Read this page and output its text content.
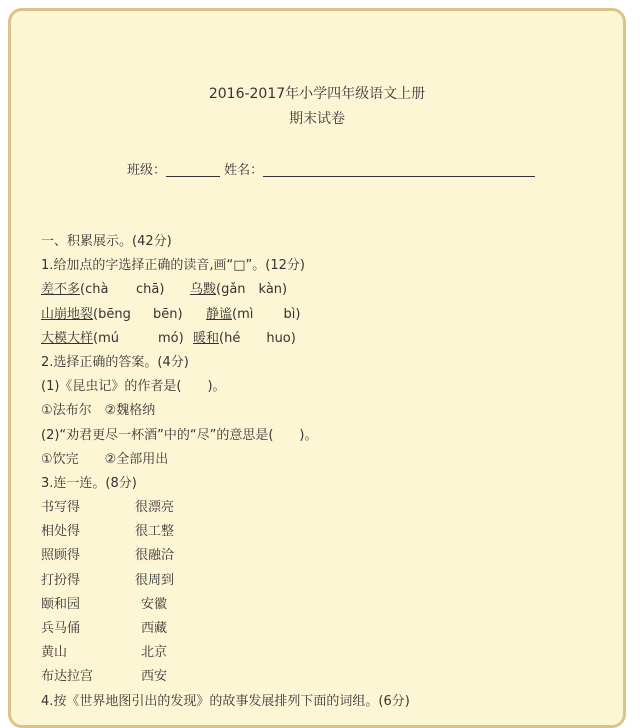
2016-2017年小学四年级语文上册
期末试卷
班级：	姓名：
一、积累展示。(42分)
1.给加点的字选择正确的读音,画“□”。(12分)
差不多(chà chā) 乌黢(gǎn　kàn)
山崩地裂(bēng bēn) 静谧(mì　　 bì)
大模大样(mú	mó) 暖和(hé　　huo)
2.选择正确的答案。(4分)
(1)《昆虫记》的作者是(　　)。
①法布尔　②魏格纳
(2)“劝君更尽一杯酒”中的“尽”的意思是(　　)。
①饮完　　②全部用出
3.连一连。(8分)
书写得	很漂亮
相处得	很工整
照顾得	很融洽
打扮得	很周到
颐和园	安徽
兵马俑	西藏
黄山	北京
布达拉宫	西安
4.按《世界地图引出的发现》的故事发展排列下面的词组。(6分)
